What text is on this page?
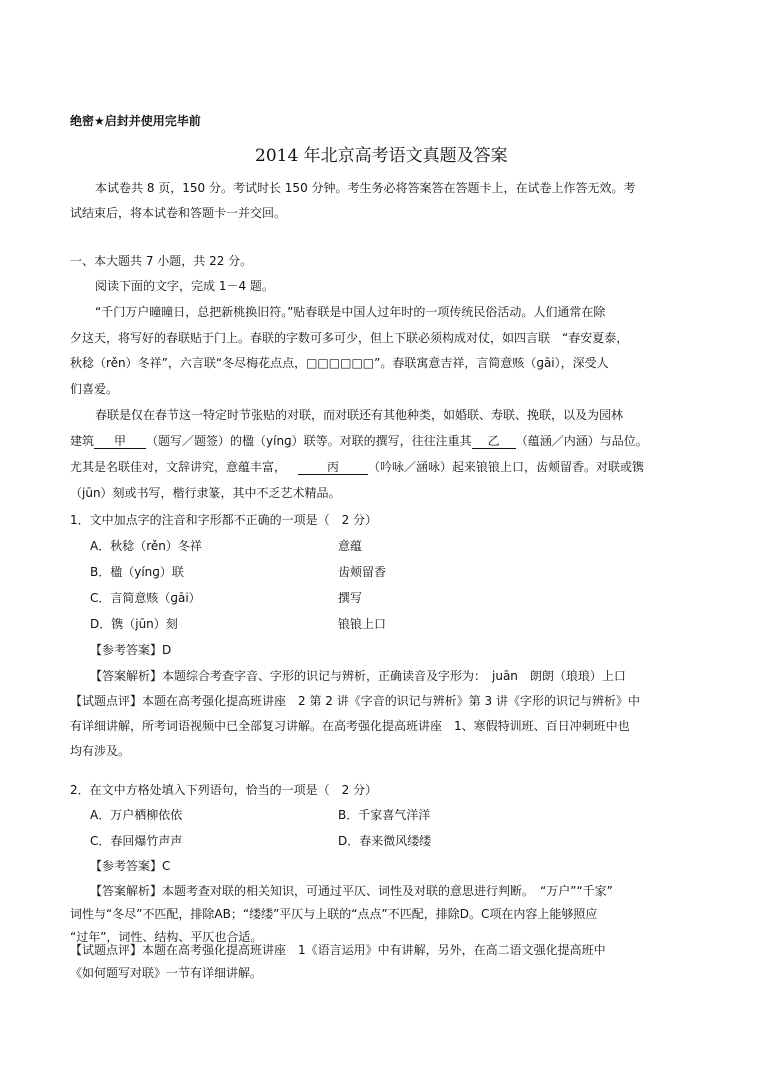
绝密★启封并使用完毕前
2014 年北京高考语文真题及答案
本试卷共 8 页，150 分。考试时长 150 分钟。考生务必将答案答在答题卡上，在试卷上作答无效。考
试结束后，将本试卷和答题卡一并交回。
一、本大题共 7 小题，共 22 分。
阅读下面的文字，完成 1－4 题。
“千门万户曈曈日，总把新桃换旧符。”贴春联是中国人过年时的一项传统民俗活动。人们通常在除
夕这天，将写好的春联贴于门上。春联的字数可多可少，但上下联必须构成对仗，如四言联　“春安夏泰，
秋稔（rěn）冬祥”，六言联“冬尽梅花点点，□□□□□□”。春联寓意吉祥，言简意赅（ɡāi），深受人
们喜爱。
春联是仅在春节这一特定时节张贴的对联，而对联还有其他种类，如婚联、寿联、挽联，以及为园林
建筑 甲 （题写／题签）的楹（yínɡ）联等。对联的撰写，往往注重其 乙 （蕴涵／内涵）与品位。
尤其是名联佳对，文辞讲究，意蕴丰富，	丙 （吟咏／涵咏）起来锒锒上口，齿颊留香。对联或镌
（jūn）刻或书写，楷行隶篆，其中不乏艺术精品。
1．文中加点字的注音和字形都不正确的一项是（　2 分）
A．秋稔（rěn）冬祥	意蕴
B．楹（yínɡ）联	齿颊留香
C．言简意赅（ɡāi）	撰写
D．镌（jūn）刻	锒锒上口
【参考答案】D
【答案解析】本题综合考查字音、字形的识记与辨析，正确读音及字形为：　juān　朗朗（琅琅）上口
【试题点评】本题在高考强化提高班讲座　2 第 2 讲《字音的识记与辨析》第 3 讲《字形的识记与辨析》中
有详细讲解，所考词语视频中已全部复习讲解。在高考强化提高班讲座　1、寒假特训班、百日冲刺班中也
均有涉及。
2．在文中方格处填入下列语句，恰当的一项是（　2 分）
A．万户栖柳依依	B．千家喜气洋洋
C．春回爆竹声声	D．春来微风缕缕
【参考答案】C
【答案解析】本题考查对联的相关知识，可通过平仄、词性及对联的意思进行判断。　“万户”“千家”
词性与“冬尽”不匹配，排除AB；“缕缕”平仄与上联的“点点”不匹配，排除D。C项在内容上能够照应
“过年”，词性、结构、平仄也合适。
【试题点评】本题在高考强化提高班讲座　1《语言运用》中有讲解，另外，在高二语文强化提高班中
《如何题写对联》一节有详细讲解。
